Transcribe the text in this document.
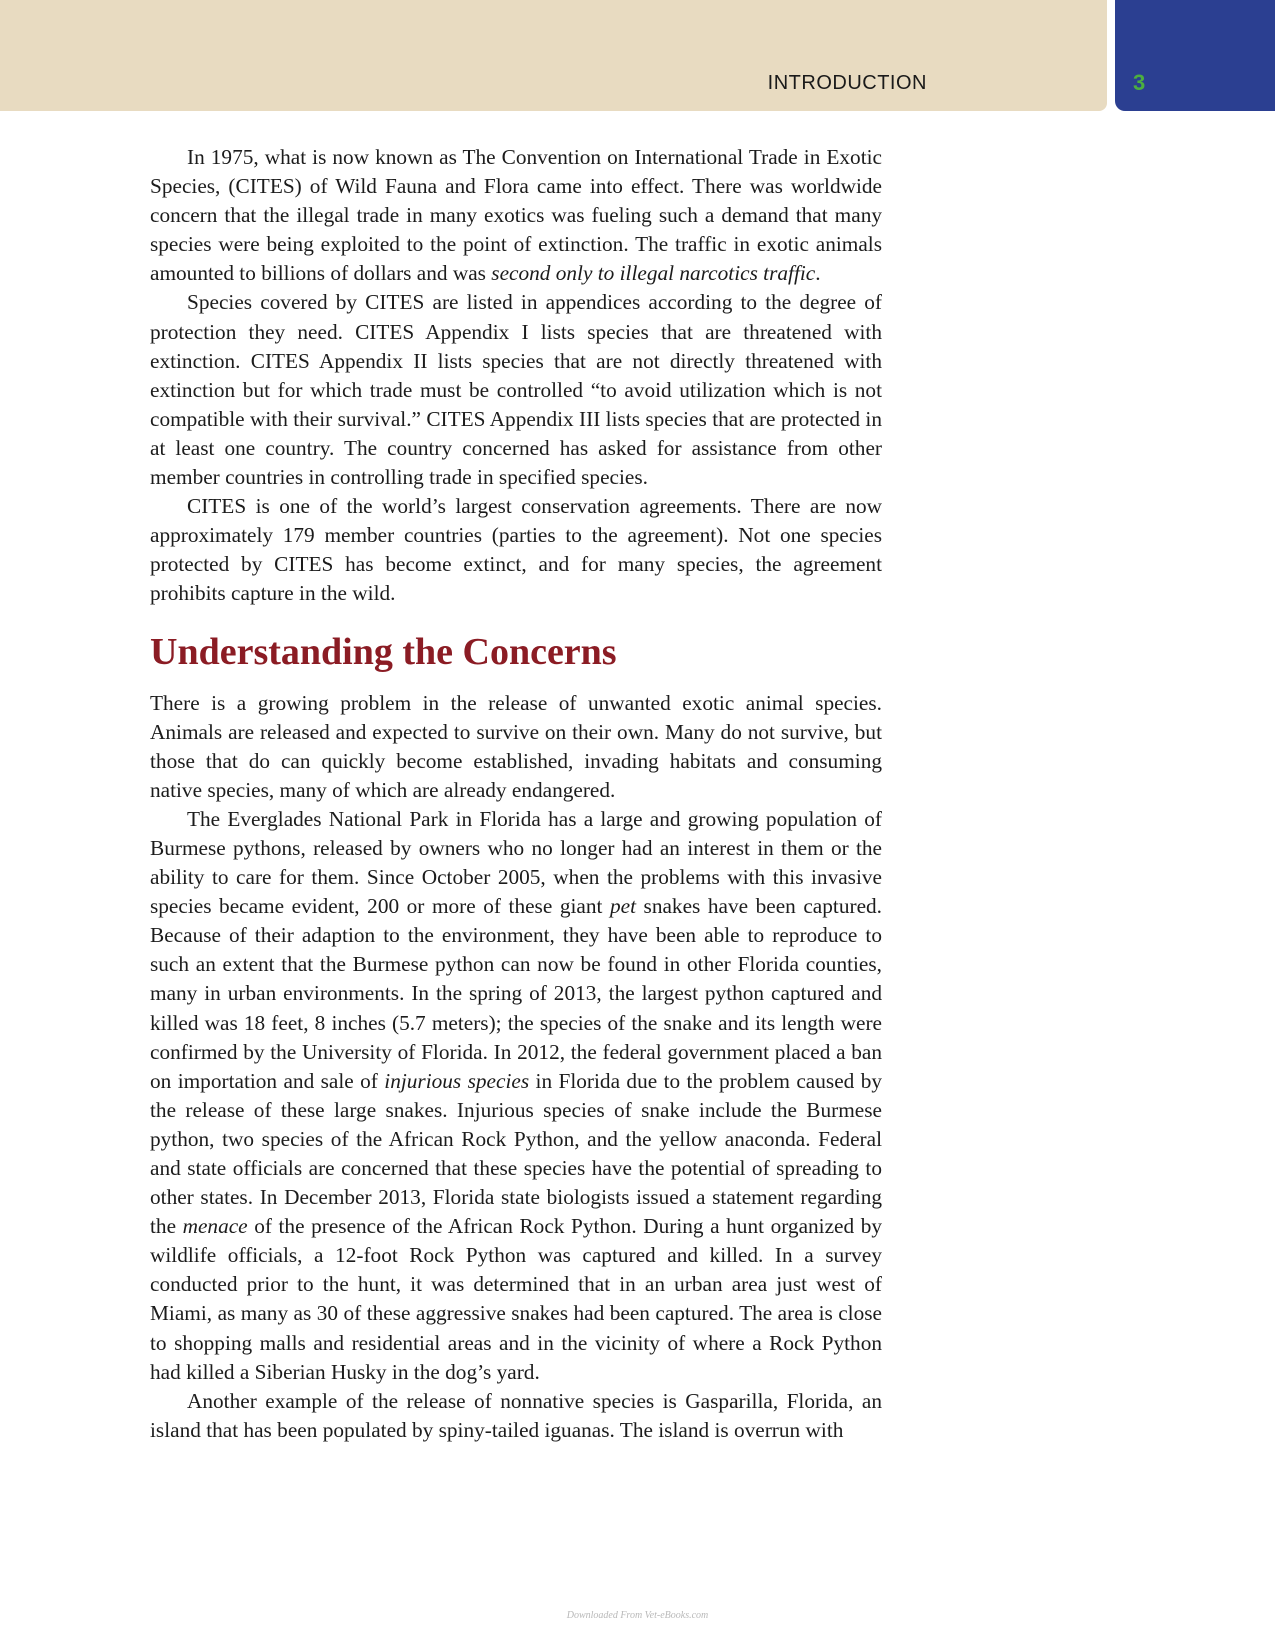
INTRODUCTION	3

In 1975, what is now known as The Convention on International Trade in Exotic Species, (CITES) of Wild Fauna and Flora came into effect. There was worldwide concern that the illegal trade in many exotics was fueling such a demand that many species were being exploited to the point of extinction. The traffic in exotic animals amounted to billions of dollars and was second only to illegal narcotics traffic.

Species covered by CITES are listed in appendices according to the degree of protection they need. CITES Appendix I lists species that are threatened with extinction. CITES Appendix II lists species that are not directly threatened with extinction but for which trade must be controlled “to avoid utilization which is not compatible with their survival.” CITES Appendix III lists species that are protected in at least one country. The country concerned has asked for assistance from other member countries in controlling trade in specified species.

CITES is one of the world’s largest conservation agreements. There are now approximately 179 member countries (parties to the agreement). Not one species protected by CITES has become extinct, and for many species, the agreement prohibits capture in the wild.

Understanding the Concerns

There is a growing problem in the release of unwanted exotic animal species. Animals are released and expected to survive on their own. Many do not survive, but those that do can quickly become established, invading habitats and consuming native species, many of which are already endangered.

The Everglades National Park in Florida has a large and growing population of Burmese pythons, released by owners who no longer had an interest in them or the ability to care for them. Since October 2005, when the problems with this invasive species became evident, 200 or more of these giant pet snakes have been captured. Because of their adaption to the environment, they have been able to reproduce to such an extent that the Burmese python can now be found in other Florida counties, many in urban environments. In the spring of 2013, the largest python captured and killed was 18 feet, 8 inches (5.7 meters); the species of the snake and its length were confirmed by the University of Florida. In 2012, the federal government placed a ban on importation and sale of injurious species in Florida due to the problem caused by the release of these large snakes. Injurious species of snake include the Burmese python, two species of the African Rock Python, and the yellow anaconda. Federal and state officials are concerned that these species have the potential of spreading to other states. In December 2013, Florida state biologists issued a statement regarding the menace of the presence of the African Rock Python. During a hunt organized by wildlife officials, a 12-foot Rock Python was captured and killed. In a survey conducted prior to the hunt, it was determined that in an urban area just west of Miami, as many as 30 of these aggressive snakes had been captured. The area is close to shopping malls and residential areas and in the vicinity of where a Rock Python had killed a Siberian Husky in the dog’s yard.

Another example of the release of nonnative species is Gasparilla, Florida, an island that has been populated by spiny-tailed iguanas. The island is overrun with

Downloaded From Vet-eBooks.com
